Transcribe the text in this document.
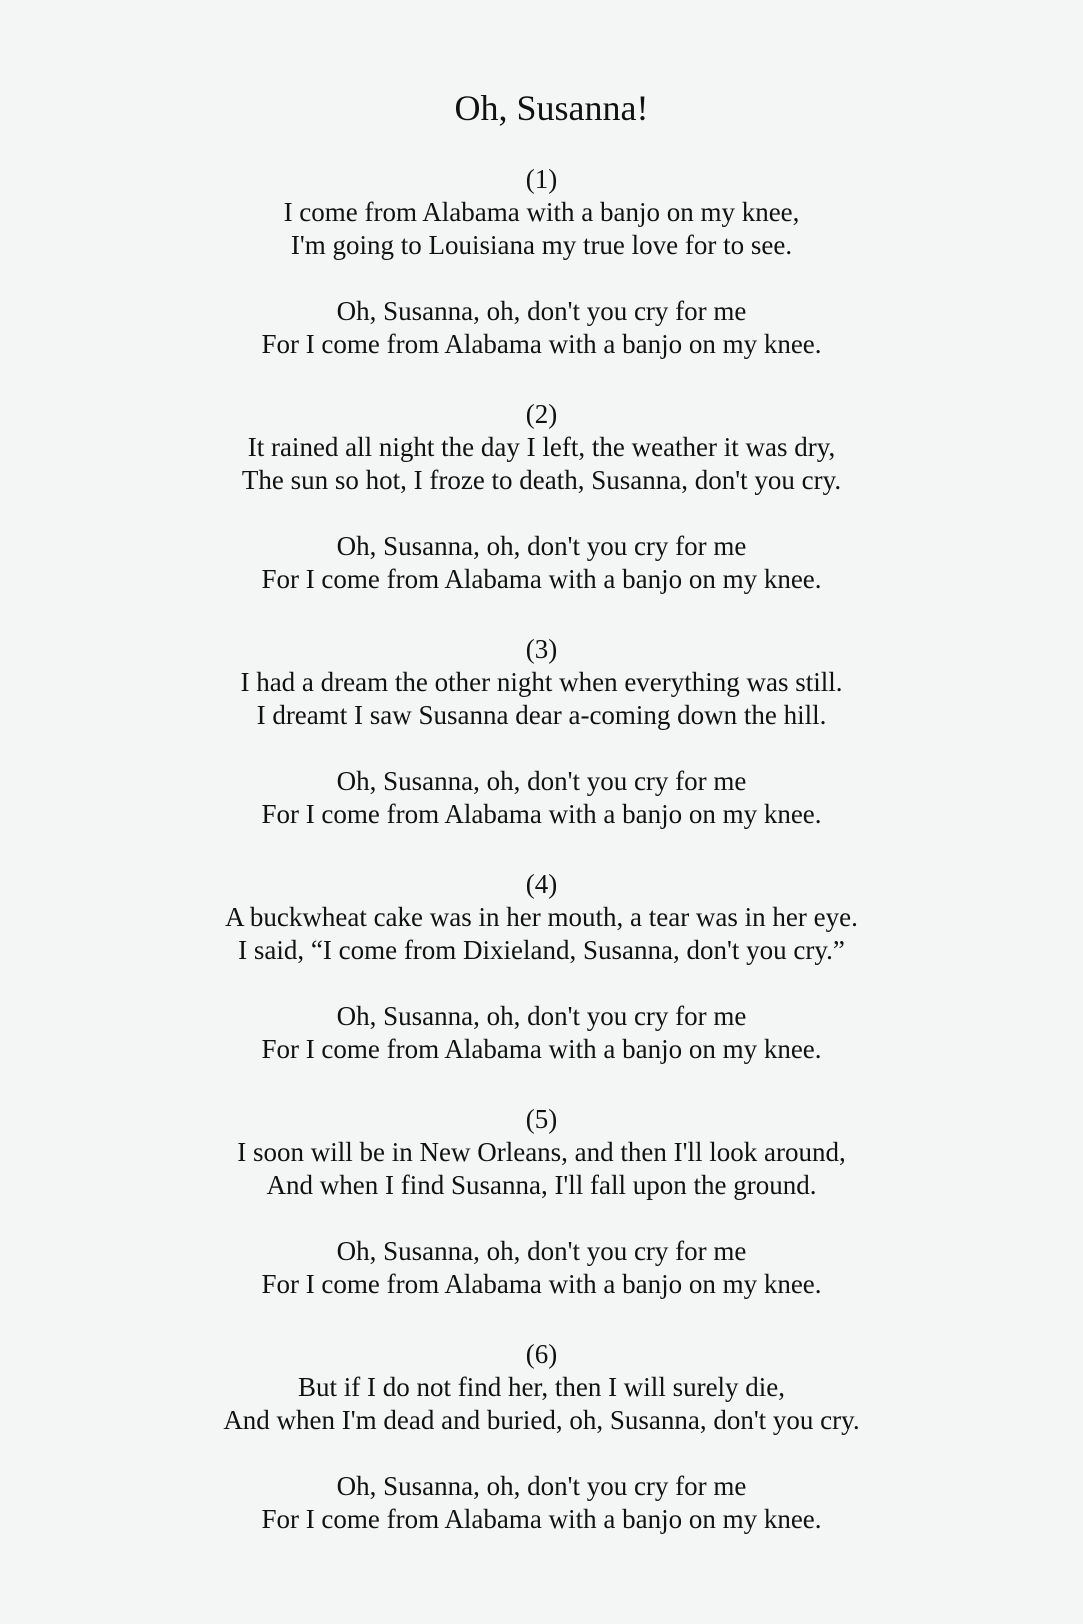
Oh, Susanna!
(1)
I come from Alabama with a banjo on my knee,
I'm going to Louisiana my true love for to see.
Oh, Susanna, oh, don't you cry for me
For I come from Alabama with a banjo on my knee.
(2)
It rained all night the day I left, the weather it was dry,
The sun so hot, I froze to death, Susanna, don't you cry.
Oh, Susanna, oh, don't you cry for me
For I come from Alabama with a banjo on my knee.
(3)
I had a dream the other night when everything was still.
I dreamt I saw Susanna dear a-coming down the hill.
Oh, Susanna, oh, don't you cry for me
For I come from Alabama with a banjo on my knee.
(4)
A buckwheat cake was in her mouth, a tear was in her eye.
I said, “I come from Dixieland, Susanna, don't you cry.”
Oh, Susanna, oh, don't you cry for me
For I come from Alabama with a banjo on my knee.
(5)
I soon will be in New Orleans, and then I'll look around,
And when I find Susanna, I'll fall upon the ground.
Oh, Susanna, oh, don't you cry for me
For I come from Alabama with a banjo on my knee.
(6)
But if I do not find her, then I will surely die,
And when I'm dead and buried, oh, Susanna, don't you cry.
Oh, Susanna, oh, don't you cry for me
For I come from Alabama with a banjo on my knee.
